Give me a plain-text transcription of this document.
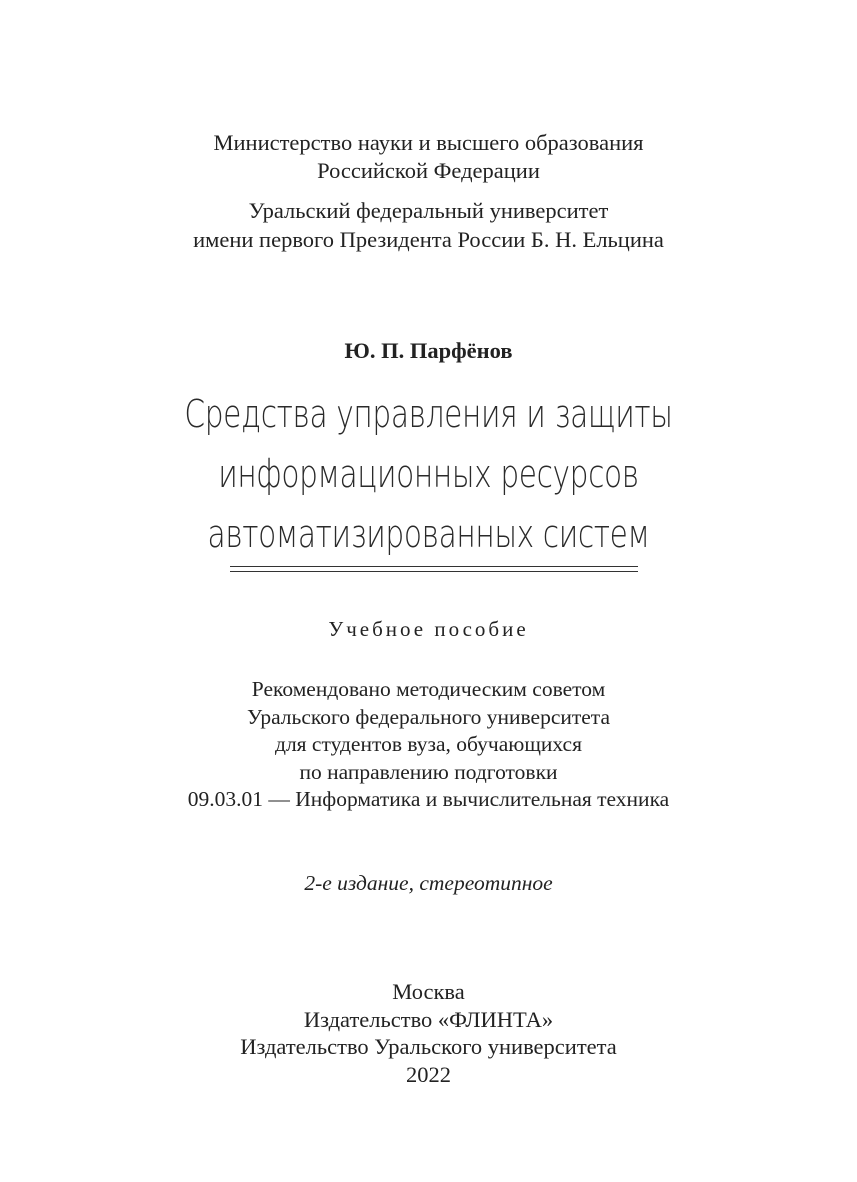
Министерство науки и высшего образования
Российской Федерации
Уральский федеральный университет
имени первого Президента России Б. Н. Ельцина
Ю. П. Парфёнов
Средства управления и защиты
информационных ресурсов
автоматизированных систем
Учебное пособие
Рекомендовано методическим советом
Уральского федерального университета
для студентов вуза, обучающихся
по направлению подготовки
09.03.01 — Информатика и вычислительная техника
2-е издание, стереотипное
Москва
Издательство «ФЛИНТА»
Издательство Уральского университета
2022
